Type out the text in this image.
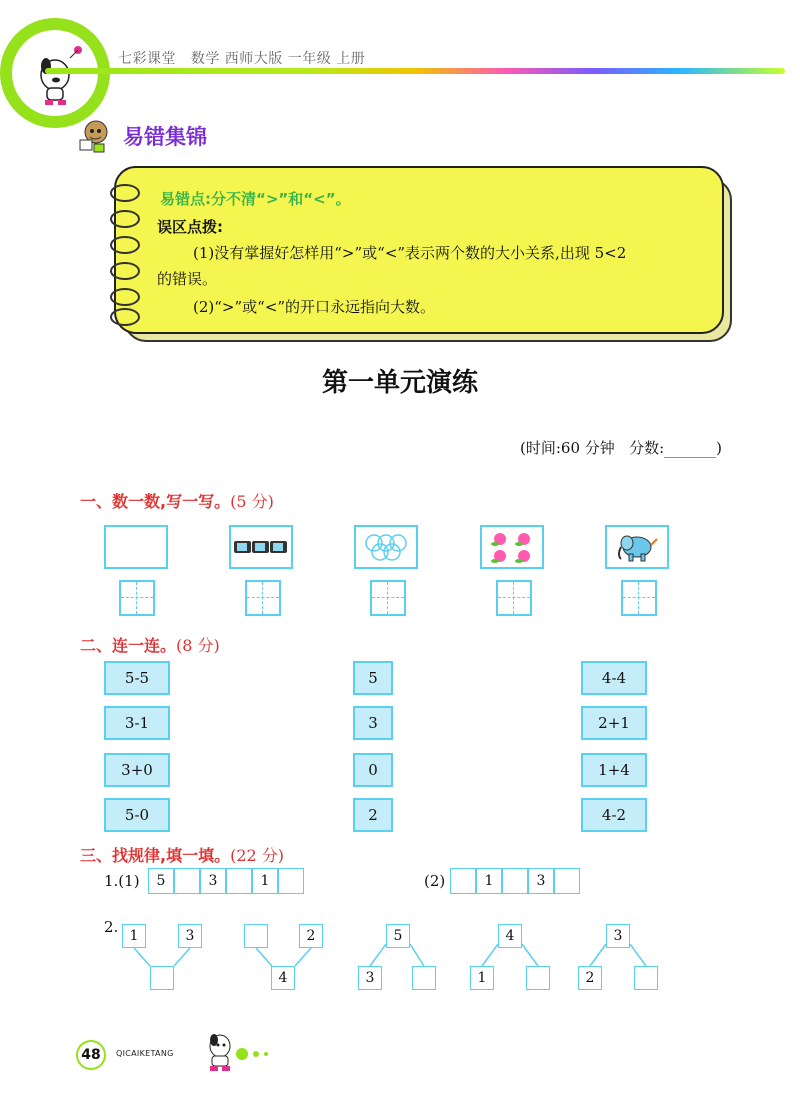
七彩课堂 数学 西师大版 一年级 上册
易错集锦
易错点:分不清“>”和“<”。
误区点拨:
(1)没有掌握好怎样用“>”或“<”表示两个数的大小关系,出现 5<2
的错误。
(2)“>”或“<”的开口永远指向大数。
第一单元演练
(时间:60 分钟 分数:	)
一、数一数,写一写。(5 分)
二、连一连。(8 分)
5-5
3-1
3+0
5-0
5
3
0
2
4-4
2+1
1+4
4-2
三、找规律,填一填。(22 分)
1.(1)	5	3	1	(2)	1	3
2. 1	3	2
4
5
3
4
1
3
2
48	QICAIKETANG
